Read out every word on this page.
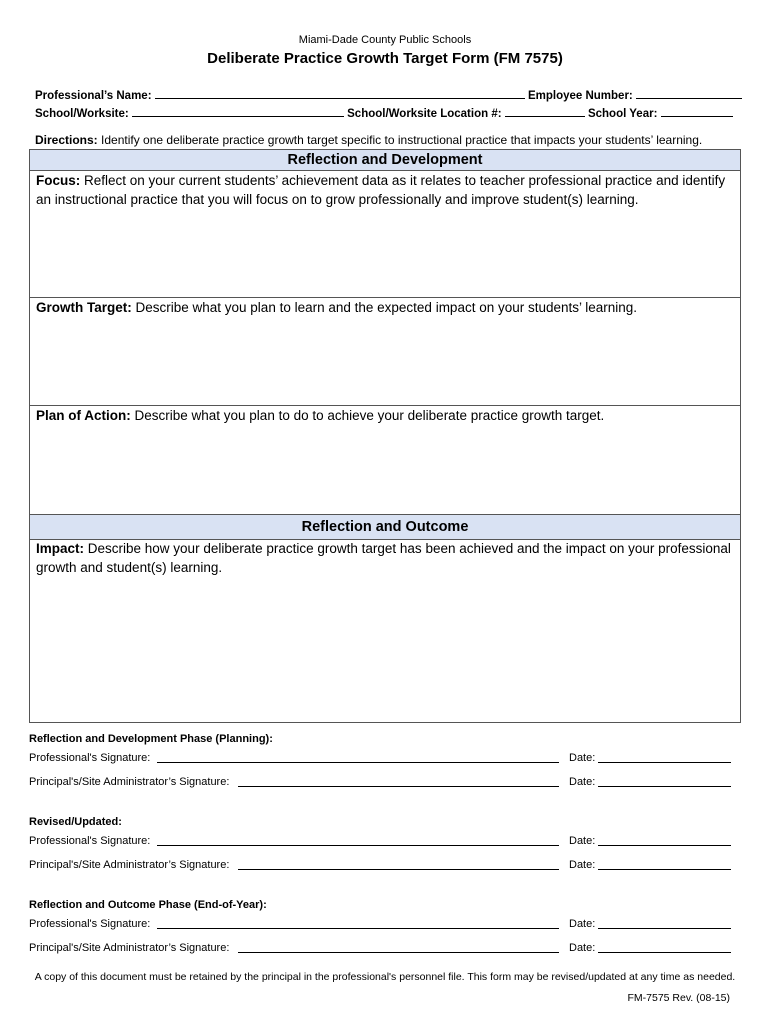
Miami-Dade County Public Schools
Deliberate Practice Growth Target Form (FM 7575)
Professional’s Name:	Employee Number:
School/Worksite:	School/Worksite Location #:	School Year:
Directions: Identify one deliberate practice growth target specific to instructional practice that impacts your students’ learning.
Reflection and Development
Focus: Reflect on your current students’ achievement data as it relates to teacher professional practice and identify an instructional practice that you will focus on to grow professionally and improve student(s) learning.
Growth Target: Describe what you plan to learn and the expected impact on your students’ learning.
Plan of Action: Describe what you plan to do to achieve your deliberate practice growth target.
Reflection and Outcome
Impact: Describe how your deliberate practice growth target has been achieved and the impact on your professional growth and student(s) learning.
Reflection and Development Phase (Planning):
Professional's Signature:	Date:
Principal's/Site Administrator’s Signature:	Date:
Revised/Updated:
Professional's Signature:	Date:
Principal's/Site Administrator’s Signature:	Date:
Reflection and Outcome Phase (End-of-Year):
Professional's Signature:	Date:
Principal's/Site Administrator’s Signature:	Date:
A copy of this document must be retained by the principal in the professional's personnel file. This form may be revised/updated at any time as needed.
FM-7575 Rev. (08-15)
